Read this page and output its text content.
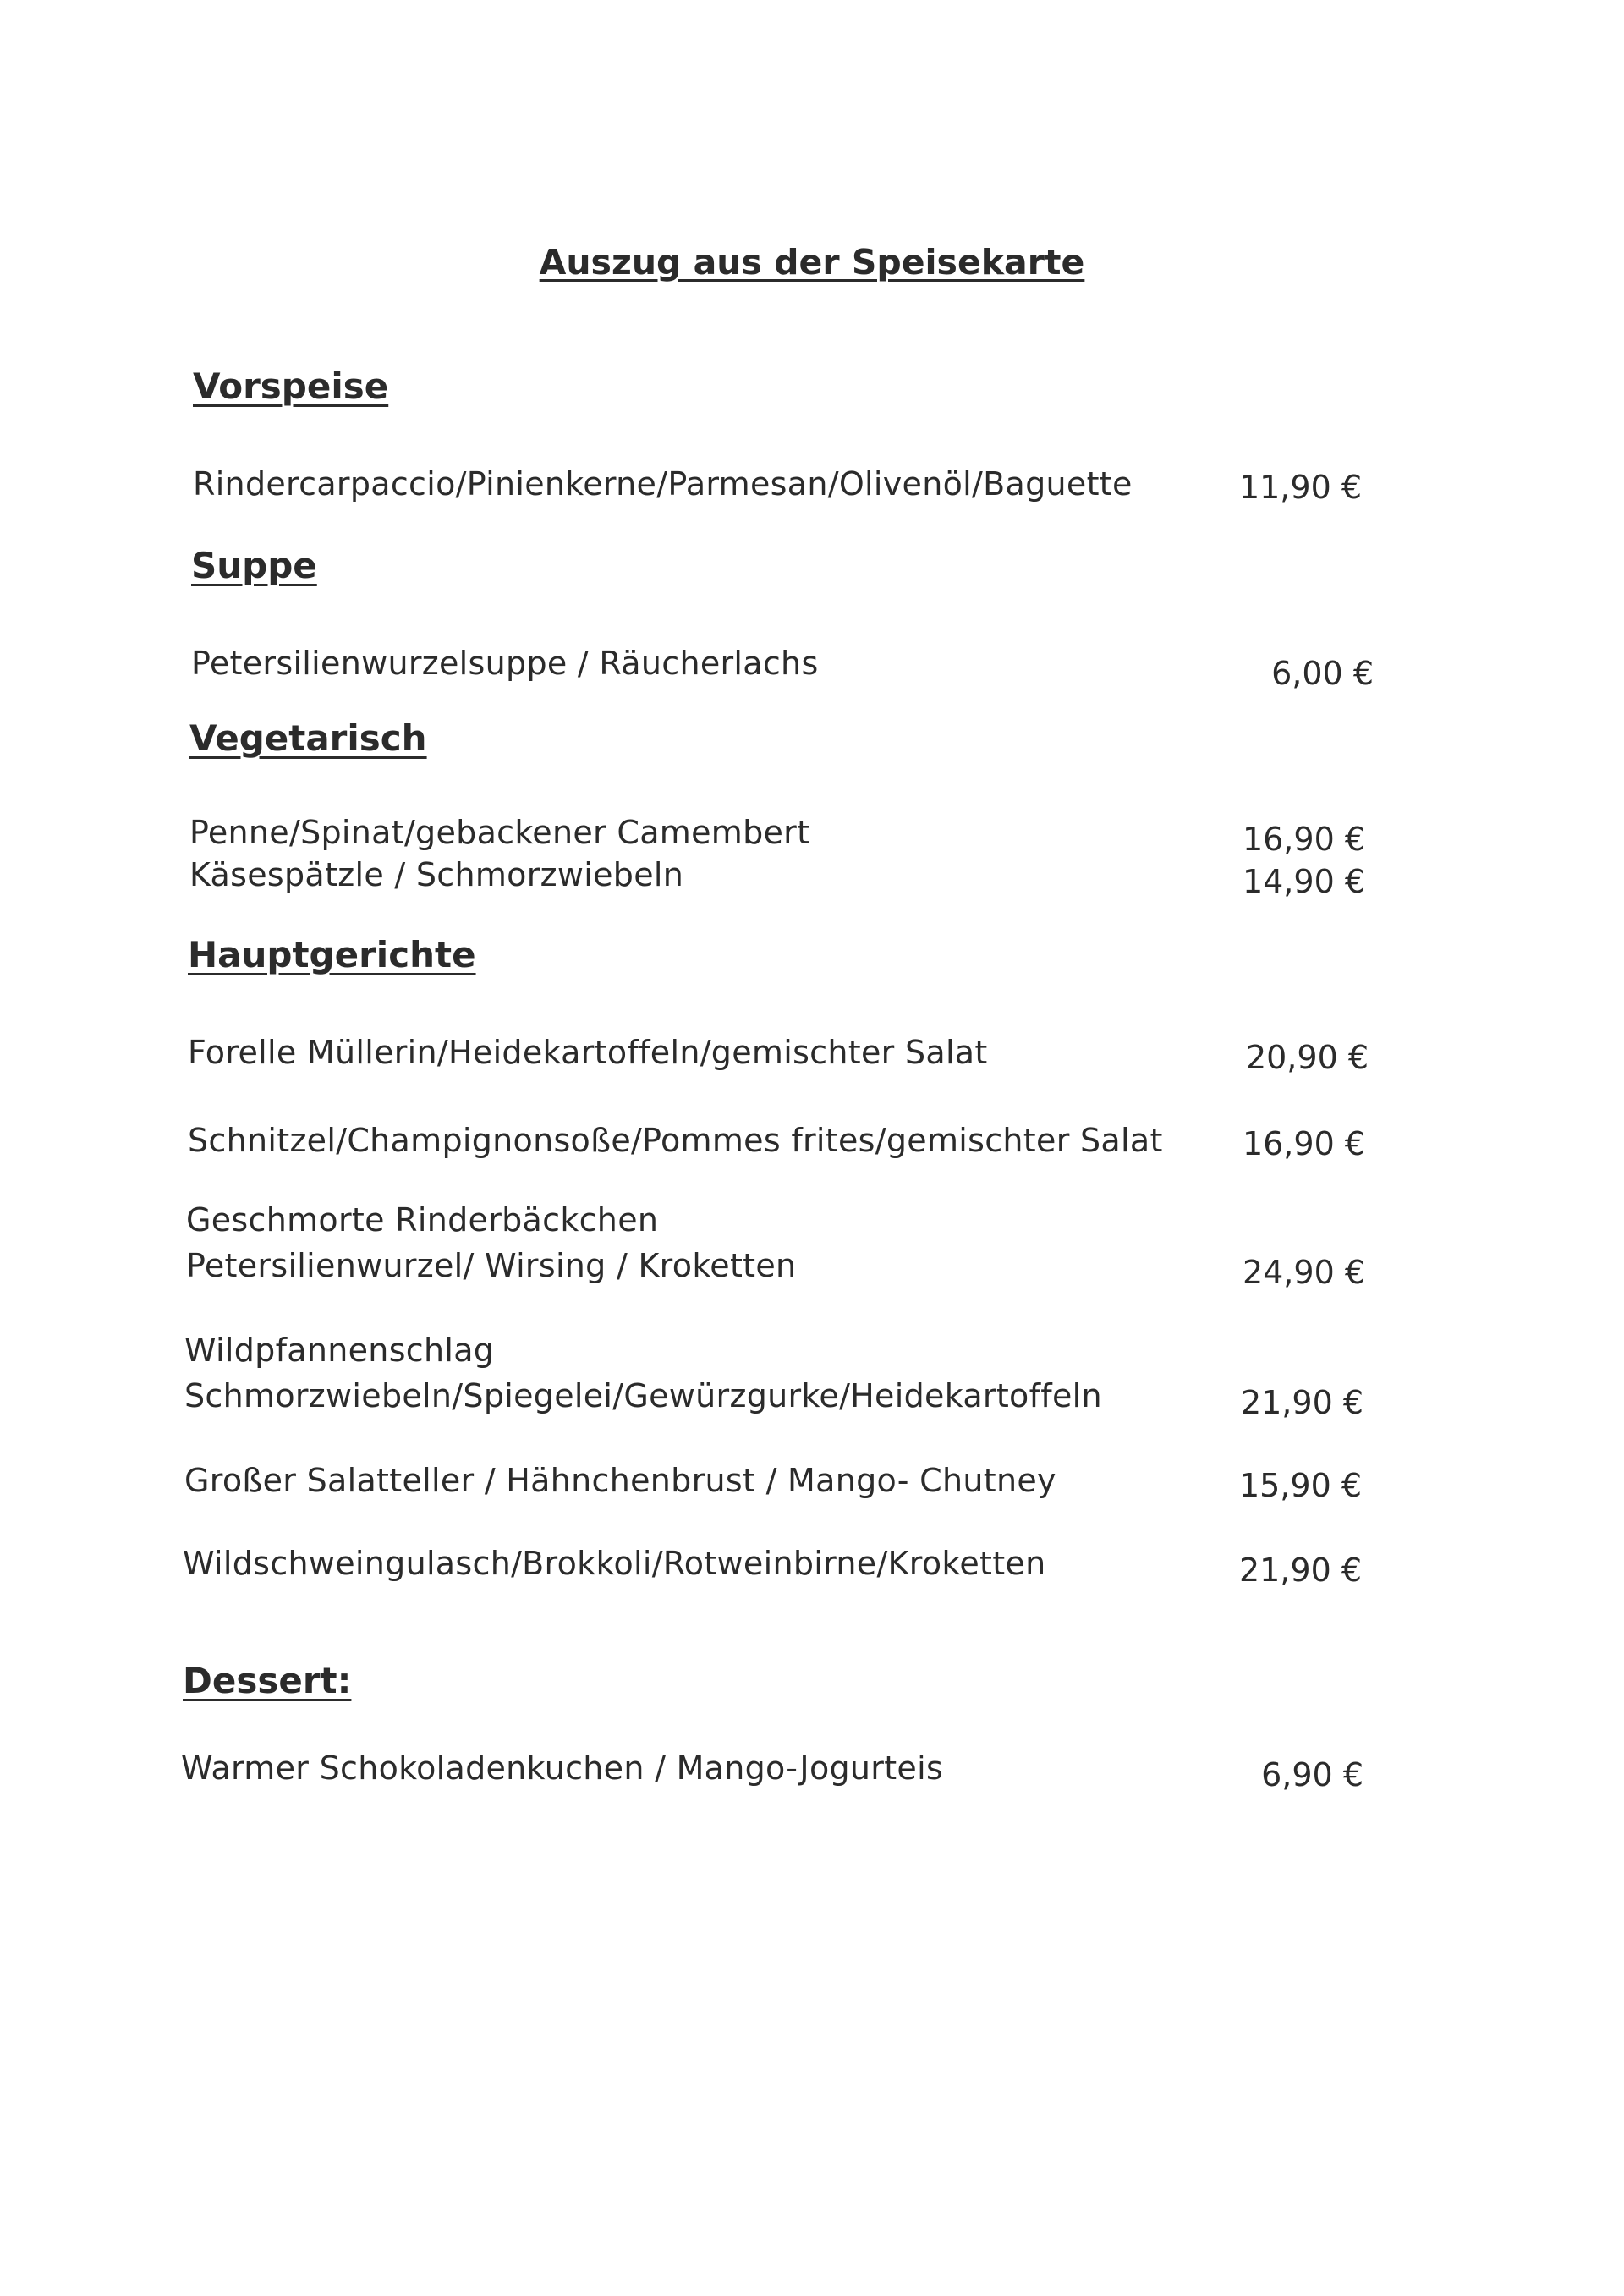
Auszug aus der Speisekarte
Vorspeise
Rindercarpaccio/Pinienkerne/Parmesan/Olivenöl/Baguette	11,90 €
Suppe
Petersilienwurzelsuppe / Räucherlachs	6,00 €
Vegetarisch
Penne/Spinat/gebackener Camembert	16,90 €
Käsespätzle / Schmorzwiebeln	14,90 €
Hauptgerichte
Forelle Müllerin/Heidekartoffeln/gemischter Salat	20,90 €
Schnitzel/Champignonsoße/Pommes frites/gemischter Salat	16,90 €
Geschmorte Rinderbäckchen
Petersilienwurzel/ Wirsing / Kroketten	24,90 €
Wildpfannenschlag
Schmorzwiebeln/Spiegelei/Gewürzgurke/Heidekartoffeln	21,90 €
Großer Salatteller / Hähnchenbrust / Mango- Chutney	15,90 €
Wildschweingulasch/Brokkoli/Rotweinbirne/Kroketten	21,90 €
Dessert:
Warmer Schokoladenkuchen / Mango-Jogurteis	6,90 €
